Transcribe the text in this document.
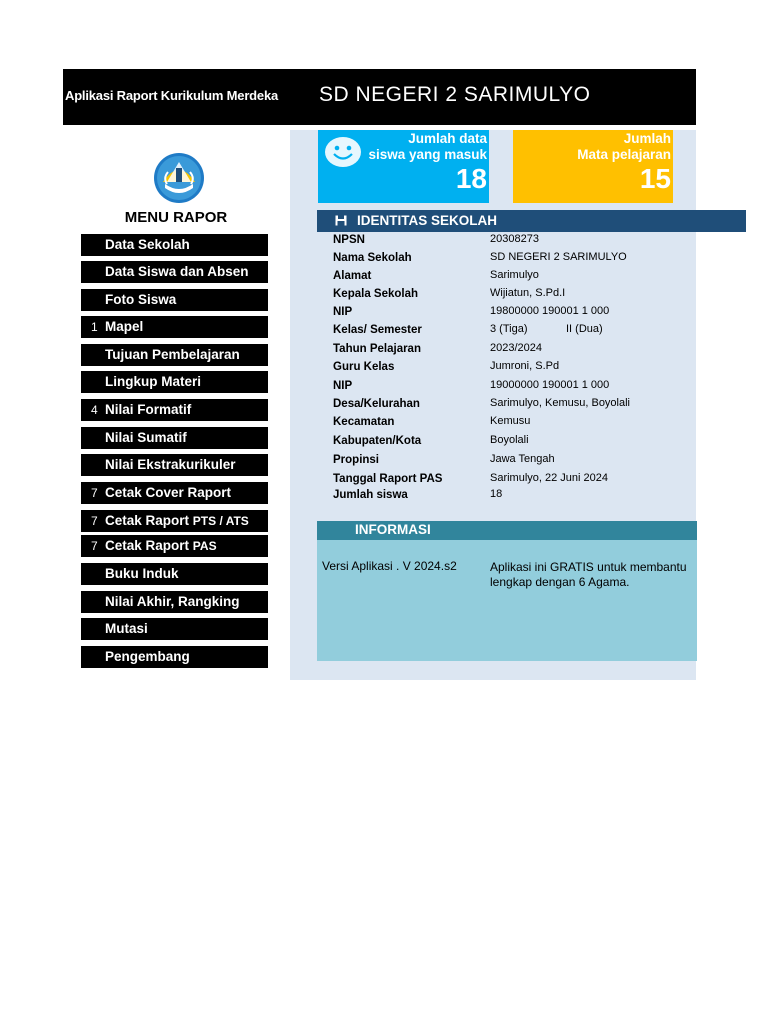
Aplikasi Raport Kurikulum Merdeka SD NEGERI 2 SARIMULYO
MENU RAPOR
Data Sekolah
Data Siswa dan Absen
Foto Siswa
1 Mapel
Tujuan Pembelajaran
Lingkup Materi
4 Nilai Formatif
Nilai Sumatif
Nilai Ekstrakurikuler
7 Cetak Cover Raport
7 Cetak Raport PTS / ATS
7 Cetak Raport PAS
Buku Induk
Nilai Akhir, Rangking
Mutasi
Pengembang
Jumlah data
siswa yang masuk
18
Jumlah
Mata pelajaran
15
IDENTITAS SEKOLAH
NPSN	20308273
Nama Sekolah	SD NEGERI 2 SARIMULYO
Alamat	Sarimulyo
Kepala Sekolah	Wijiatun, S.Pd.I
NIP	19800000 190001 1 000
Kelas/ Semester	3 (Tiga)	II (Dua)
Tahun Pelajaran	2023/2024
Guru Kelas	Jumroni, S.Pd
NIP	19000000 190001 1 000
Desa/Kelurahan	Sarimulyo, Kemusu, Boyolali
Kecamatan	Kemusu
Kabupaten/Kota	Boyolali
Propinsi	Jawa Tengah
Tanggal Raport PAS	Sarimulyo, 22 Juni 2024
Jumlah siswa	18
INFORMASI
Versi Aplikasi . V 2024.s2	Aplikasi ini GRATIS untuk membantu
lengkap dengan 6 Agama.
